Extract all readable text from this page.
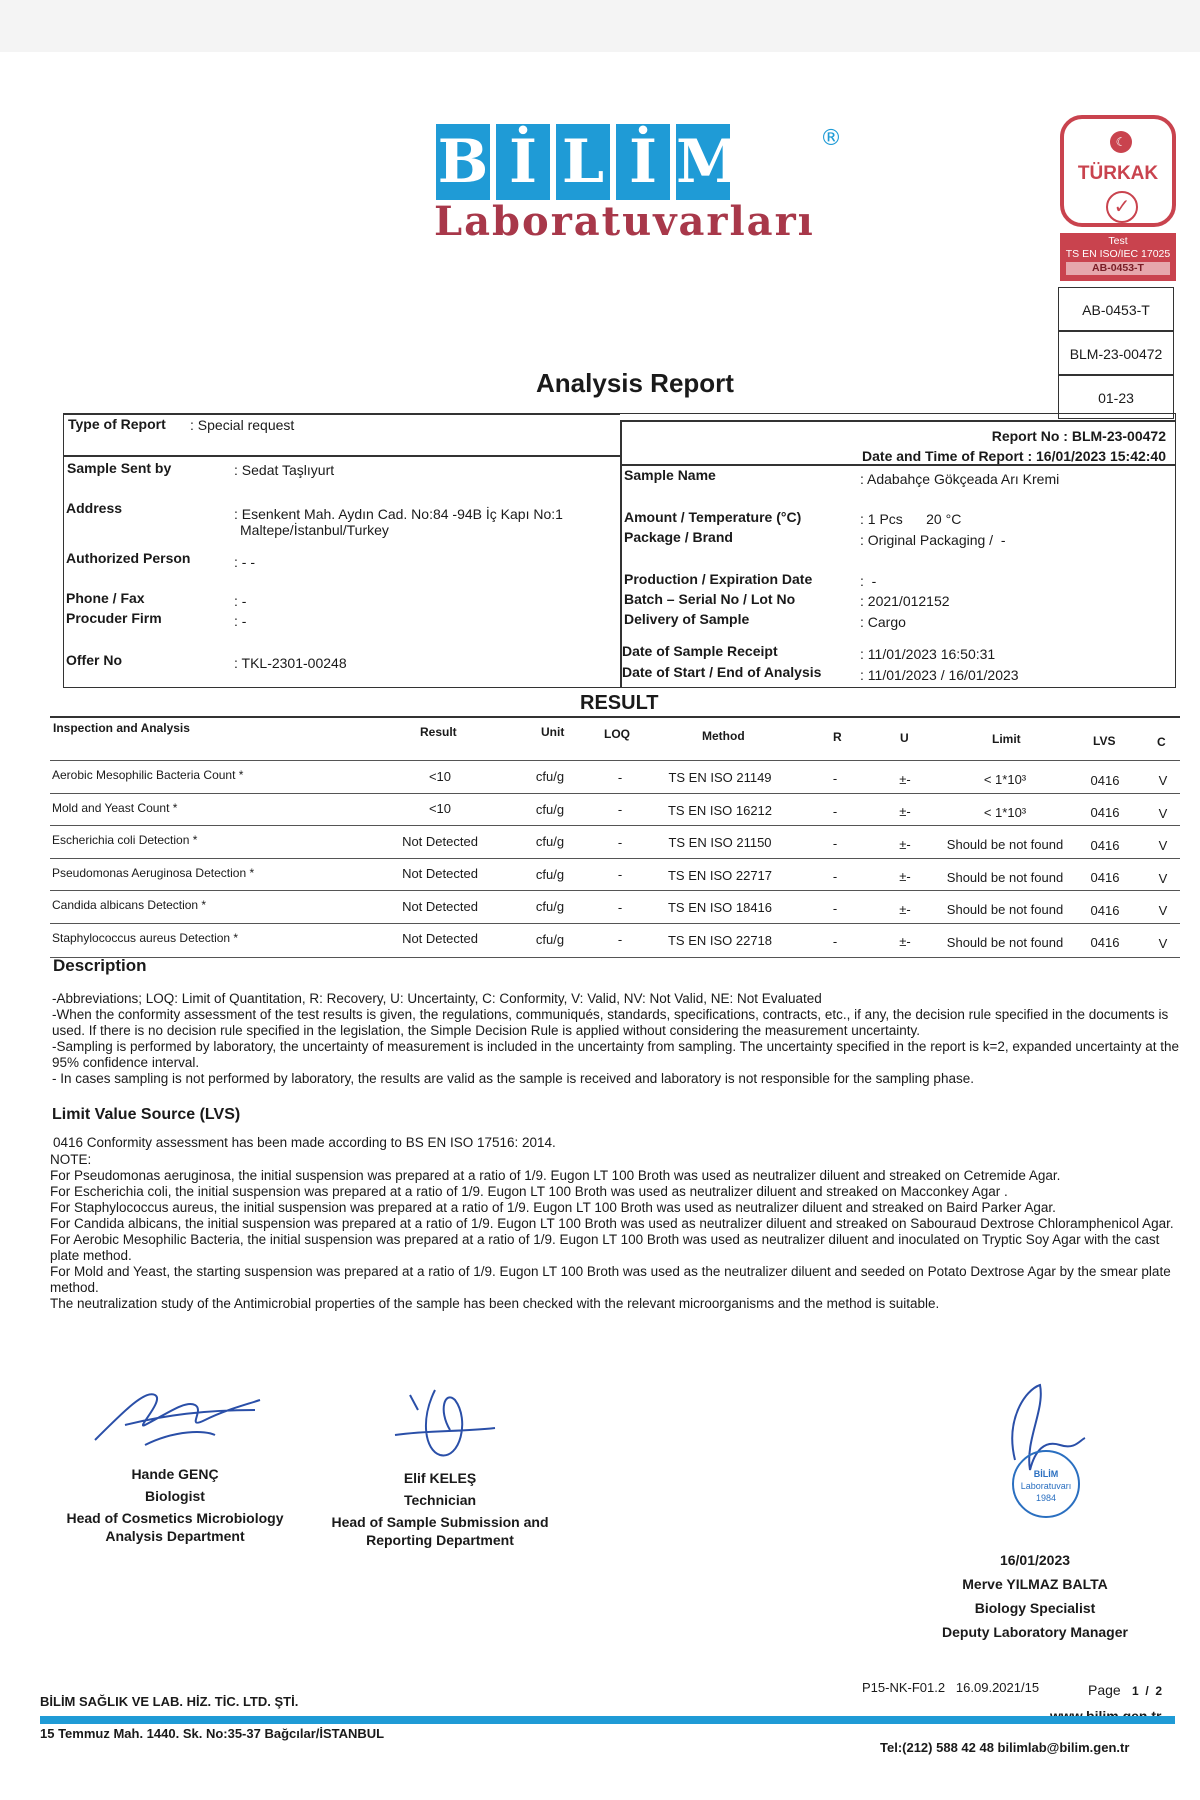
B İ L İ M	®
Laboratuvarları
☾
TÜRKAK
✓
Test
TS EN ISO/IEC 17025
AB-0453-T
AB-0453-T
BLM-23-00472
01-23
Analysis Report
Type of Report : Special request
Report No : BLM-23-00472
Date and Time of Report : 16/01/2023 15:42:40
Sample Sent by	: Sedat Taşlıyurt
Address	: Esenkent Mah. Aydın Cad. No:84 -94B İç Kapı No:1
Maltepe/İstanbul/Turkey
Authorized Person	: - -
Phone / Fax	: -
Procuder Firm	: -
Offer No	: TKL-2301-00248
Sample Name	: Adabahçe Gökçeada Arı Kremi
Amount / Temperature (°C)	: 1 Pcs      20 °C
Package / Brand	: Original Packaging /  -
Production / Expiration Date	:  -
Batch – Serial No / Lot No	: 2021/012152
Delivery of Sample	: Cargo
Date of Sample Receipt	: 11/01/2023 16:50:31
Date of Start / End of Analysis	: 11/01/2023 / 16/01/2023
RESULT
Inspection and Analysis	Result	Unit	LOQ	Method	R	U	Limit	LVS	C
Aerobic Mesophilic Bacteria Count *	<10	cfu/g	-	TS EN ISO 21149	-	±-	< 1*10³	0416	V
Mold and Yeast Count *	<10	cfu/g	-	TS EN ISO 16212	-	±-	< 1*10³	0416	V
Escherichia coli Detection *	Not Detected	cfu/g	-	TS EN ISO 21150	-	±-	Should be not found	0416	V
Pseudomonas Aeruginosa Detection *	Not Detected	cfu/g	-	TS EN ISO 22717	-	±-	Should be not found	0416	V
Candida albicans Detection *	Not Detected	cfu/g	-	TS EN ISO 18416	-	±-	Should be not found	0416	V
Staphylococcus aureus Detection *	Not Detected	cfu/g	-	TS EN ISO 22718	-	±-	Should be not found	0416	V
Description
-Abbreviations; LOQ: Limit of Quantitation, R: Recovery, U: Uncertainty, C: Conformity, V: Valid, NV: Not Valid, NE: Not Evaluated
-When the conformity assessment of the test results is given, the regulations, communiqués, standards, specifications, contracts, etc., if any, the decision rule specified in the documents is used. If there is no decision rule specified in the legislation, the Simple Decision Rule is applied without considering the measurement uncertainty.
-Sampling is performed by laboratory, the uncertainty of measurement is included in the uncertainty from sampling. The uncertainty specified in the report is k=2, expanded uncertainty at the 95% confidence interval.
- In cases sampling is not performed by laboratory, the results are valid as the sample is received and laboratory is not responsible for the sampling phase.
Limit Value Source (LVS)
0416 Conformity assessment has been made according to BS EN ISO 17516: 2014.
NOTE:
For Pseudomonas aeruginosa, the initial suspension was prepared at a ratio of 1/9. Eugon LT 100 Broth was used as neutralizer diluent and streaked on Cetremide Agar.
For Escherichia coli, the initial suspension was prepared at a ratio of 1/9. Eugon LT 100 Broth was used as neutralizer diluent and streaked on Macconkey Agar .
For Staphylococcus aureus, the initial suspension was prepared at a ratio of 1/9. Eugon LT 100 Broth was used as neutralizer diluent and streaked on Baird Parker Agar.
For Candida albicans, the initial suspension was prepared at a ratio of 1/9. Eugon LT 100 Broth was used as neutralizer diluent and streaked on Sabouraud Dextrose Chloramphenicol Agar.
For Aerobic Mesophilic Bacteria, the initial suspension was prepared at a ratio of 1/9. Eugon LT 100 Broth was used as neutralizer diluent and inoculated on Tryptic Soy Agar with the cast plate method.
For Mold and Yeast, the starting suspension was prepared at a ratio of 1/9. Eugon LT 100 Broth was used as the neutralizer diluent and seeded on Potato Dextrose Agar by the smear plate method.
The neutralization study of the Antimicrobial properties of the sample has been checked with the relevant microorganisms and the method is suitable.
BİLİM
Laboratuvarı
1984
Hande GENÇ
Biologist
Head of Cosmetics Microbiology
Analysis Department
Elif KELEŞ
Technician
Head of Sample Submission and
Reporting Department
16/01/2023
Merve YILMAZ BALTA
Biology Specialist
Deputy Laboratory Manager
P15-NK-F01.2   16.09.2021/15	Page 1  /  2
BİLİM SAĞLIK VE LAB. HİZ. TİC. LTD. ŞTİ.
15 Temmuz Mah. 1440. Sk. No:35-37 Bağcılar/İSTANBUL
Tel:(212) 588 42 48 bilimlab@bilim.gen.tr
